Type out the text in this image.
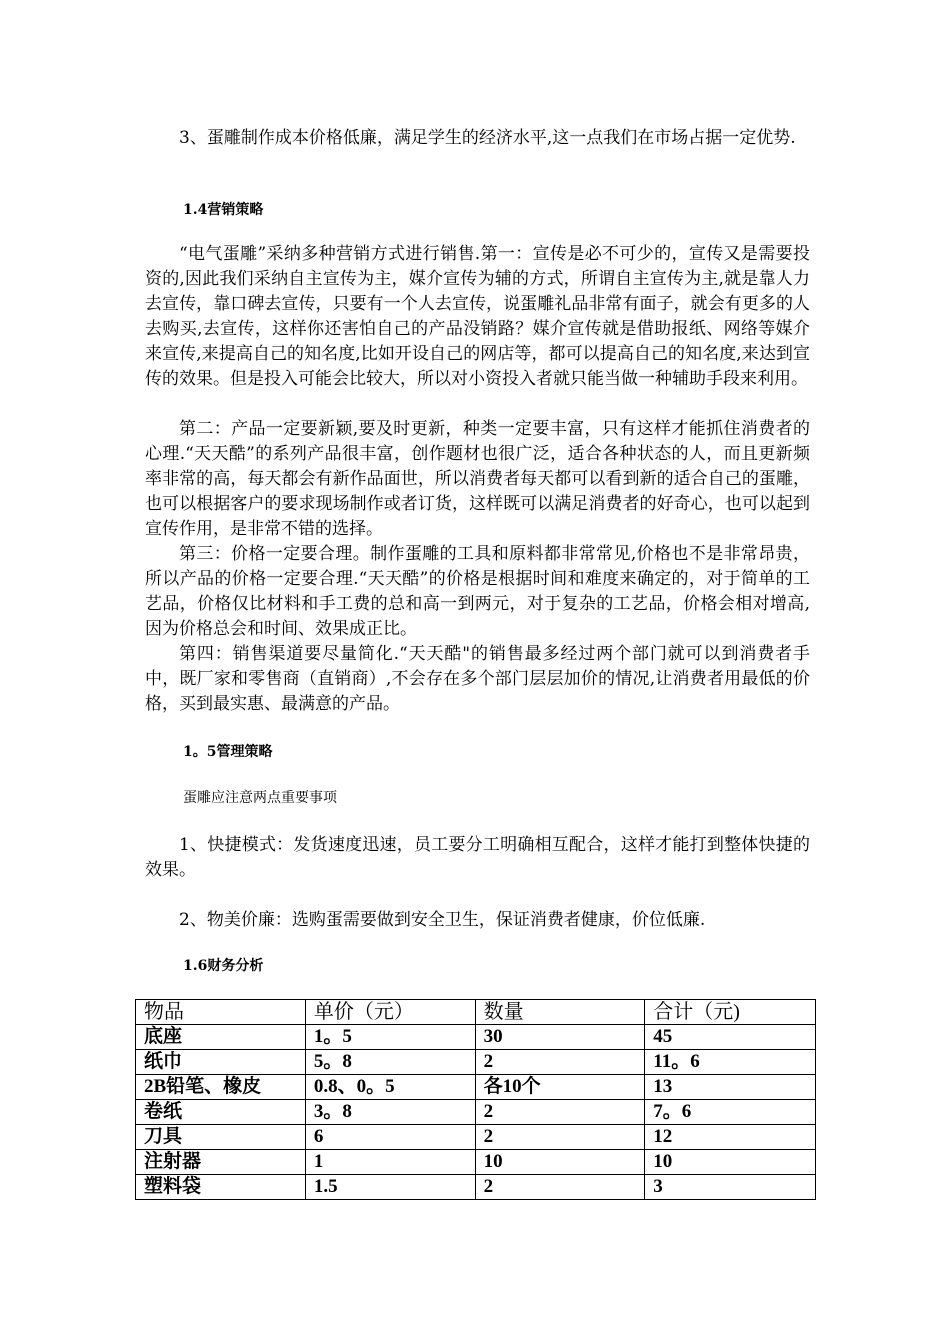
3、蛋雕制作成本价格低廉，满足学生的经济水平,这一点我们在市场占据一定优势.

1.4营销策略

“电气蛋雕”采纳多种营销方式进行销售.第一：宣传是必不可少的，宣传又是需要投资的,因此我们采纳自主宣传为主，媒介宣传为辅的方式，所谓自主宣传为主,就是靠人力去宣传，靠口碑去宣传，只要有一个人去宣传，说蛋雕礼品非常有面子，就会有更多的人去购买,去宣传，这样你还害怕自己的产品没销路？媒介宣传就是借助报纸、网络等媒介来宣传,来提高自己的知名度,比如开设自己的网店等，都可以提高自己的知名度,来达到宣传的效果。但是投入可能会比较大，所以对小资投入者就只能当做一种辅助手段来利用。

第二：产品一定要新颖,要及时更新，种类一定要丰富，只有这样才能抓住消费者的心理.“天天酷”的系列产品很丰富，创作题材也很广泛，适合各种状态的人，而且更新频率非常的高，每天都会有新作品面世，所以消费者每天都可以看到新的适合自己的蛋雕，也可以根据客户的要求现场制作或者订货，这样既可以满足消费者的好奇心，也可以起到宣传作用，是非常不错的选择。

第三：价格一定要合理。制作蛋雕的工具和原料都非常常见,价格也不是非常昂贵，所以产品的价格一定要合理.“天天酷”的价格是根据时间和难度来确定的，对于简单的工艺品，价格仅比材料和手工费的总和高一到两元，对于复杂的工艺品，价格会相对增高,因为价格总会和时间、效果成正比。

第四：销售渠道要尽量简化.“天天酷"的销售最多经过两个部门就可以到消费者手中，既厂家和零售商（直销商）,不会存在多个部门层层加价的情况,让消费者用最低的价格，买到最实惠、最满意的产品。

1。5管理策略

蛋雕应注意两点重要事项

1、快捷模式：发货速度迅速，员工要分工明确相互配合，这样才能打到整体快捷的效果。

2、物美价廉：选购蛋需要做到安全卫生，保证消费者健康，价位低廉.

1.6财务分析

物品	单价（元）	数量	合计（元)
底座	1。5	30	45
纸巾	5。8	2	11。6
2B铅笔、橡皮	0.8、0。5	各10个	13
卷纸	3。8	2	7。6
刀具	6	2	12
注射器	1	10	10
塑料袋	1.5	2	3
